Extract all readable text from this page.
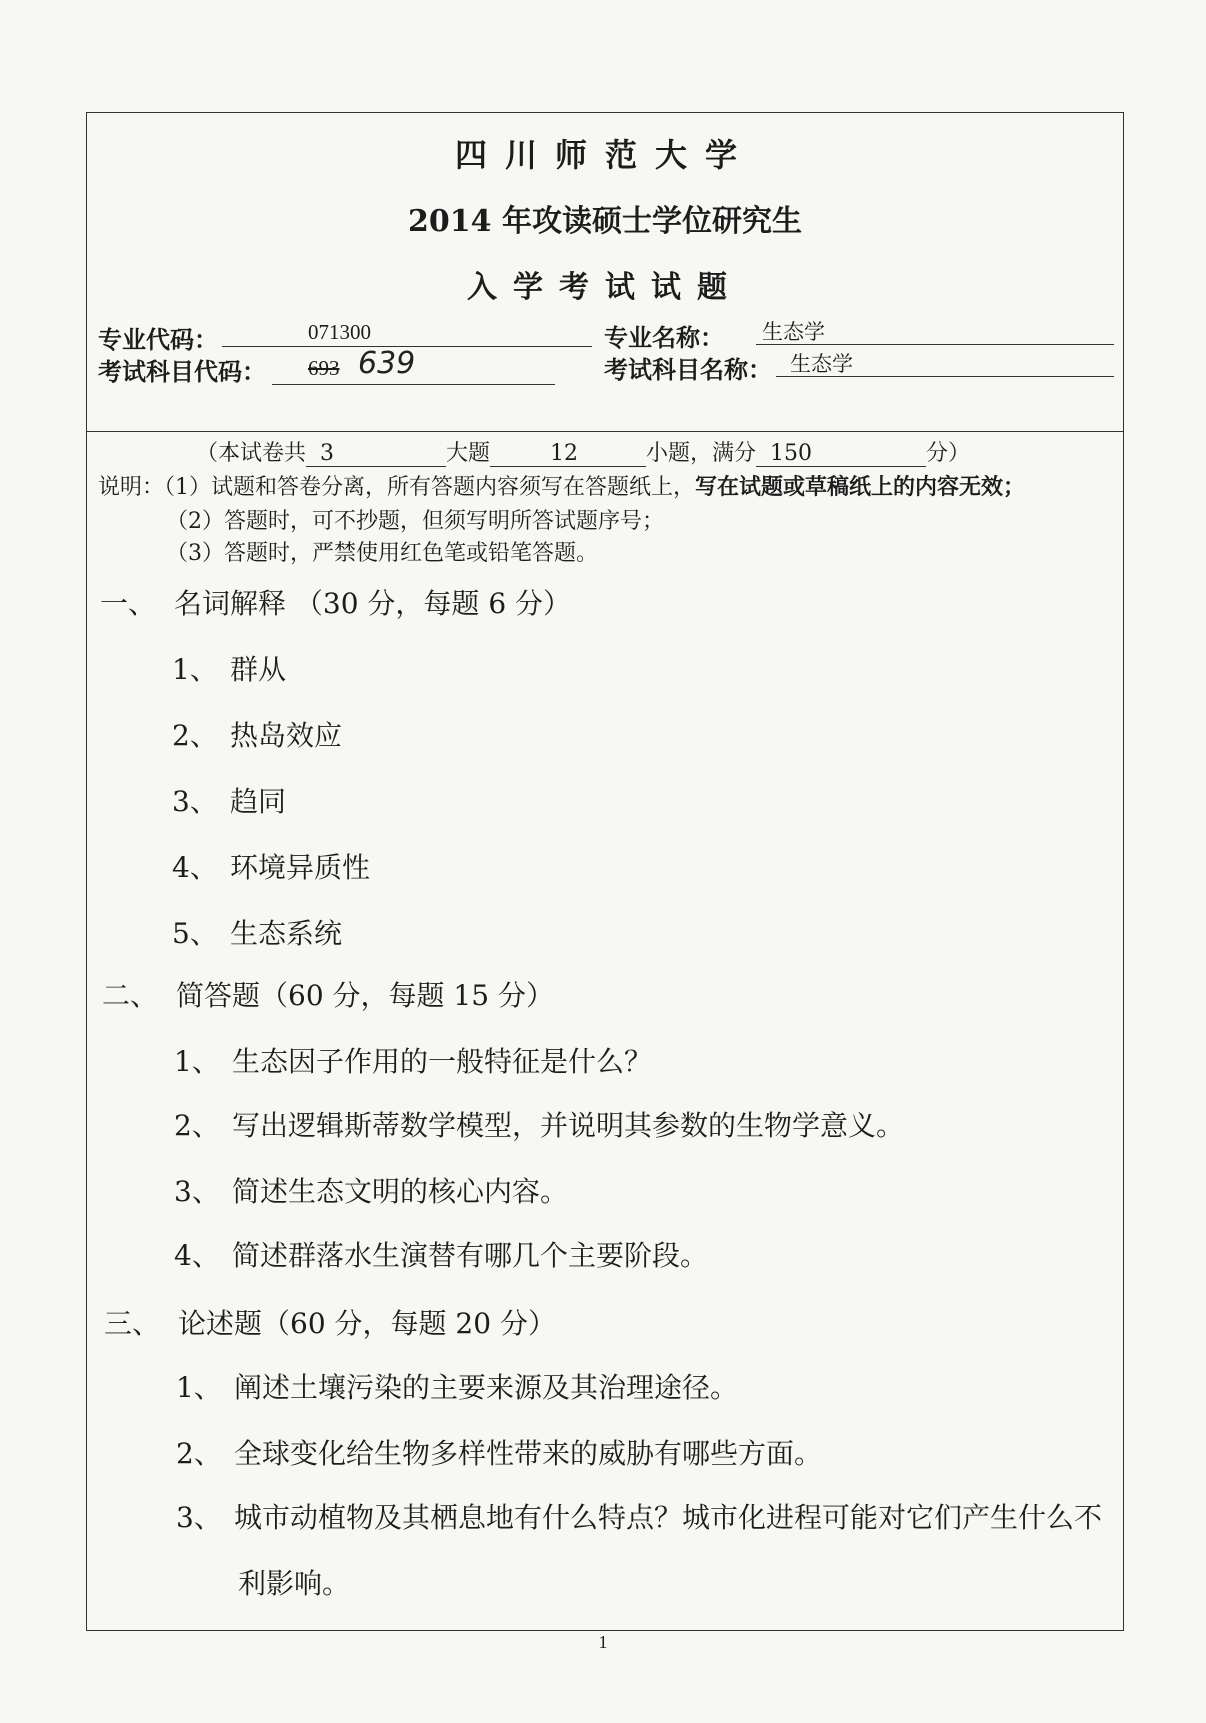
四川师范大学
2014 年攻读硕士学位研究生
入学考试试题
专业代码：	071300	专业名称： 生态学
考试科目代码： 693 639	考试科目名称： 生态学
（本试卷共 3	大题	12	小题，满分 150	分）
说明：（1）试题和答卷分离，所有答题内容须写在答题纸上，写在试题或草稿纸上的内容无效；
（2）答题时，可不抄题，但须写明所答试题序号；
（3）答题时，严禁使用红色笔或铅笔答题。
一、 名词解释 （30 分，每题 6 分）
1、 群从
2、 热岛效应
3、 趋同
4、 环境异质性
5、 生态系统
二、 简答题（60 分，每题 15 分）
1、 生态因子作用的一般特征是什么？
2、 写出逻辑斯蒂数学模型，并说明其参数的生物学意义。
3、 简述生态文明的核心内容。
4、 简述群落水生演替有哪几个主要阶段。
三、 论述题（60 分，每题 20 分）
1、 阐述土壤污染的主要来源及其治理途径。
2、 全球变化给生物多样性带来的威胁有哪些方面。
3、 城市动植物及其栖息地有什么特点？城市化进程可能对它们产生什么不
利影响。
1
